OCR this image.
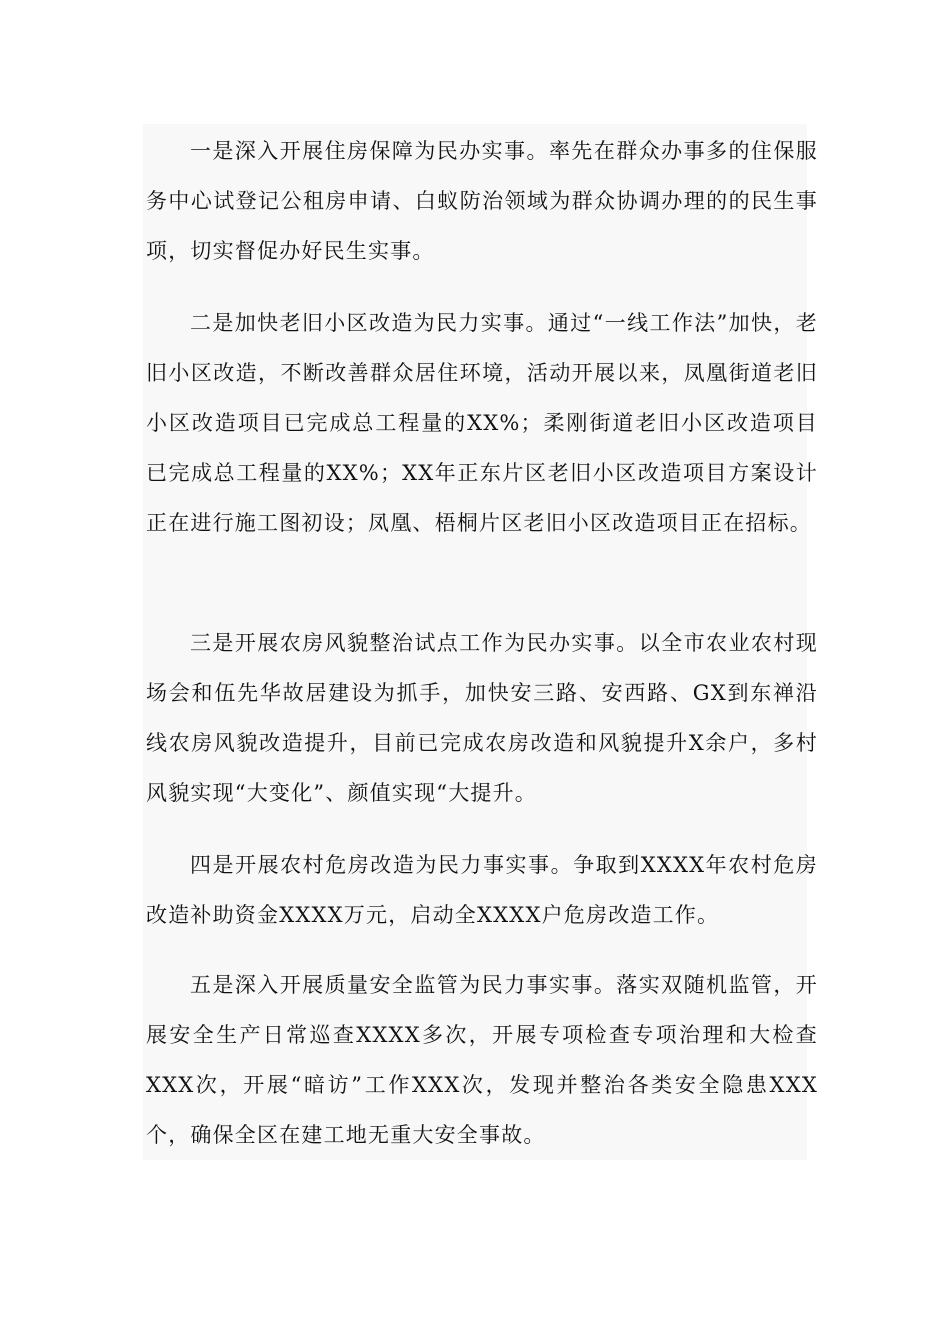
一是深入开展住房保障为民办实事。率先在群众办事多的住保服务中心试登记公租房申请、白蚁防治领域为群众协调办理的的民生事项，切实督促办好民生实事。

二是加快老旧小区改造为民力实事。通过“一线工作法”加快，老旧小区改造，不断改善群众居住环境，活动开展以来，凤凰街道老旧小区改造项目已完成总工程量的XX%；柔刚街道老旧小区改造项目已完成总工程量的XX%；XX年正东片区老旧小区改造项目方案设计正在进行施工图初设；凤凰、梧桐片区老旧小区改造项目正在招标。

三是开展农房风貌整治试点工作为民办实事。以全市农业农村现场会和伍先华故居建设为抓手，加快安三路、安西路、GX到东禅沿线农房风貌改造提升，目前已完成农房改造和风貌提升X余户，多村风貌实现“大变化”、颜值实现“大提升。

四是开展农村危房改造为民力事实事。争取到XXXX年农村危房改造补助资金XXXX万元，启动全XXXX户危房改造工作。

五是深入开展质量安全监管为民力事实事。落实双随机监管，开展安全生产日常巡查XXXX多次，开展专项检查专项治理和大检查XXX次，开展“暗访”工作XXX次，发现并整治各类安全隐患XXX个，确保全区在建工地无重大安全事故。
